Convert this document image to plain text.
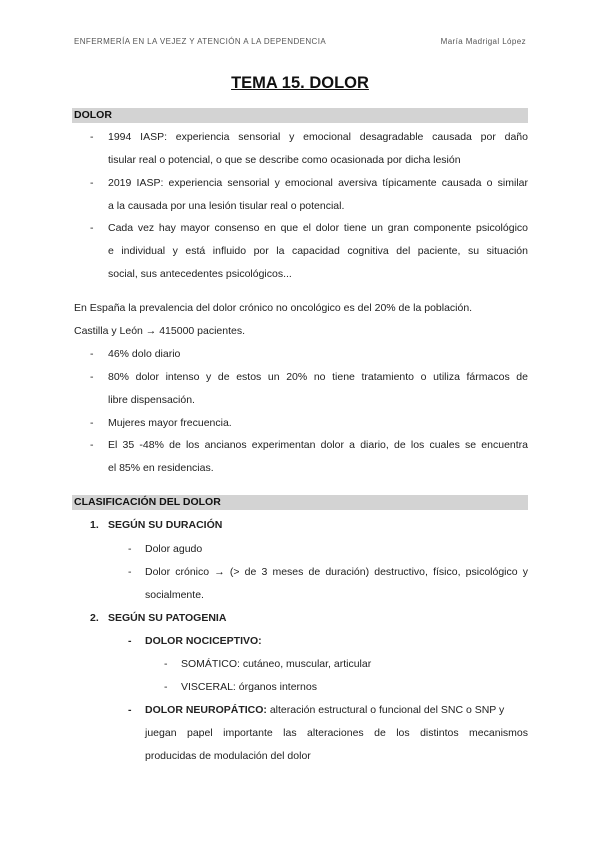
ENFERMERÍA EN LA VEJEZ Y ATENCIÓN A LA DEPENDENCIA	María Madrigal López
TEMA 15. DOLOR
DOLOR
- 1994 IASP: experiencia sensorial y emocional desagradable causada por daño
tisular real o potencial, o que se describe como ocasionada por dicha lesión
- 2019 IASP: experiencia sensorial y emocional aversiva típicamente causada o similar
a la causada por una lesión tisular real o potencial.
- Cada vez hay mayor consenso en que el dolor tiene un gran componente psicológico
e individual y está influido por la capacidad cognitiva del paciente, su situación
social, sus antecedentes psicológicos...
En España la prevalencia del dolor crónico no oncológico es del 20% de la población.
Castilla y León → 415000 pacientes.
- 46% dolo diario
- 80% dolor intenso y de estos un 20% no tiene tratamiento o utiliza fármacos de
libre dispensación.
- Mujeres mayor frecuencia.
- El 35 -48% de los ancianos experimentan dolor a diario, de los cuales se encuentra
el 85% en residencias.
CLASIFICACIÓN DEL DOLOR
1. SEGÚN SU DURACIÓN
- Dolor agudo
- Dolor crónico → (> de 3 meses de duración) destructivo, físico, psicológico y
socialmente.
2. SEGÚN SU PATOGENIA
- DOLOR NOCICEPTIVO:
- SOMÁTICO: cutáneo, muscular, articular
- VISCERAL: órganos internos
- DOLOR NEUROPÁTICO: alteración estructural o funcional del SNC o SNP y
juegan papel importante las alteraciones de los distintos mecanismos
producidas de modulación del dolor
